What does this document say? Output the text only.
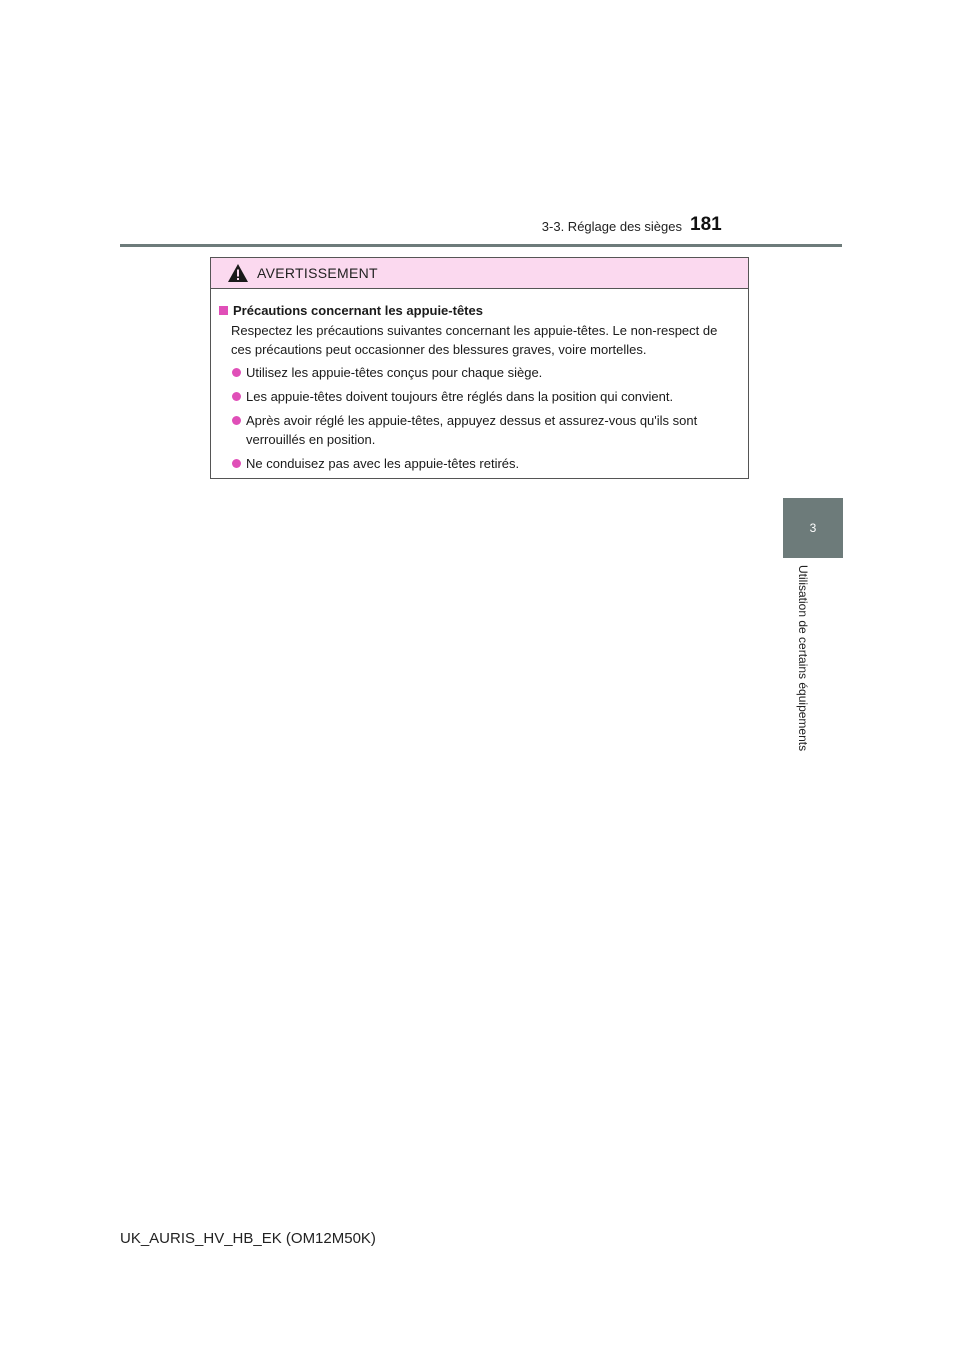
3-3. Réglage des sièges 181
3
Utilisation de certains équipements
AVERTISSEMENT
Précautions concernant les appuie-têtes
Respectez les précautions suivantes concernant les appuie-têtes. Le non-respect de ces précautions peut occasionner des blessures graves, voire mortelles.
Utilisez les appuie-têtes conçus pour chaque siège.
Les appuie-têtes doivent toujours être réglés dans la position qui convient.
Après avoir réglé les appuie-têtes, appuyez dessus et assurez-vous qu'ils sont verrouillés en position.
Ne conduisez pas avec les appuie-têtes retirés.
UK_AURIS_HV_HB_EK (OM12M50K)
